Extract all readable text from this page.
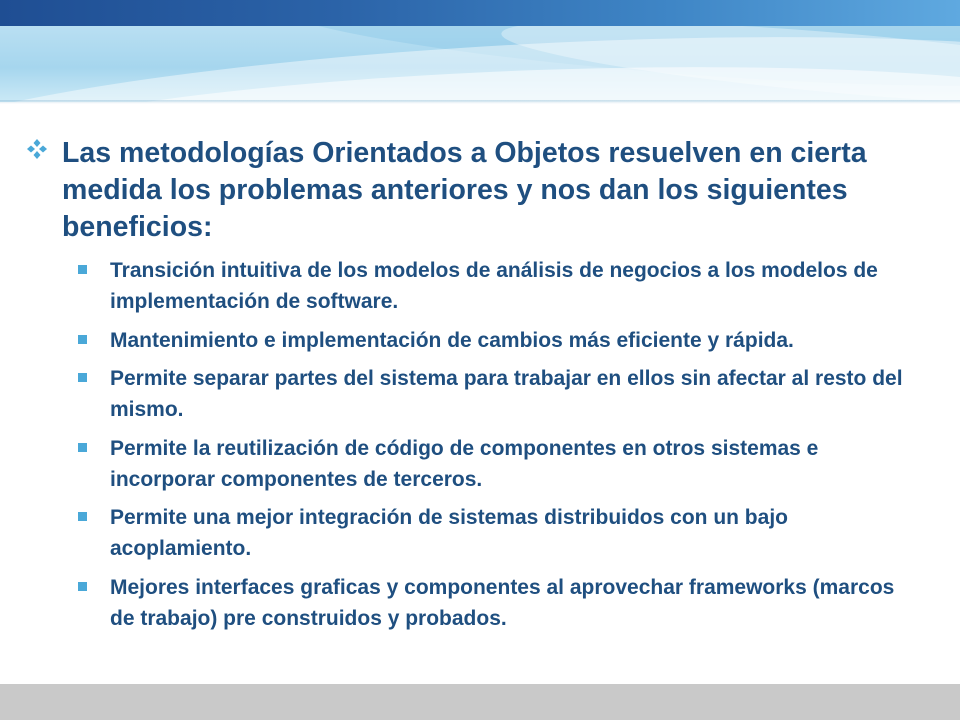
Las metodologías Orientados a Objetos resuelven en cierta medida los problemas anteriores y nos dan los siguientes beneficios:
Transición intuitiva de los modelos de análisis de negocios a los modelos de implementación de software.
Mantenimiento e implementación de cambios más eficiente y rápida.
Permite separar partes del sistema para trabajar en ellos sin afectar al resto del mismo.
Permite la reutilización de código de componentes en otros sistemas e incorporar componentes de terceros.
Permite una mejor integración de sistemas distribuidos con un bajo acoplamiento.
Mejores interfaces graficas y componentes al aprovechar frameworks (marcos de trabajo) pre construidos y probados.
